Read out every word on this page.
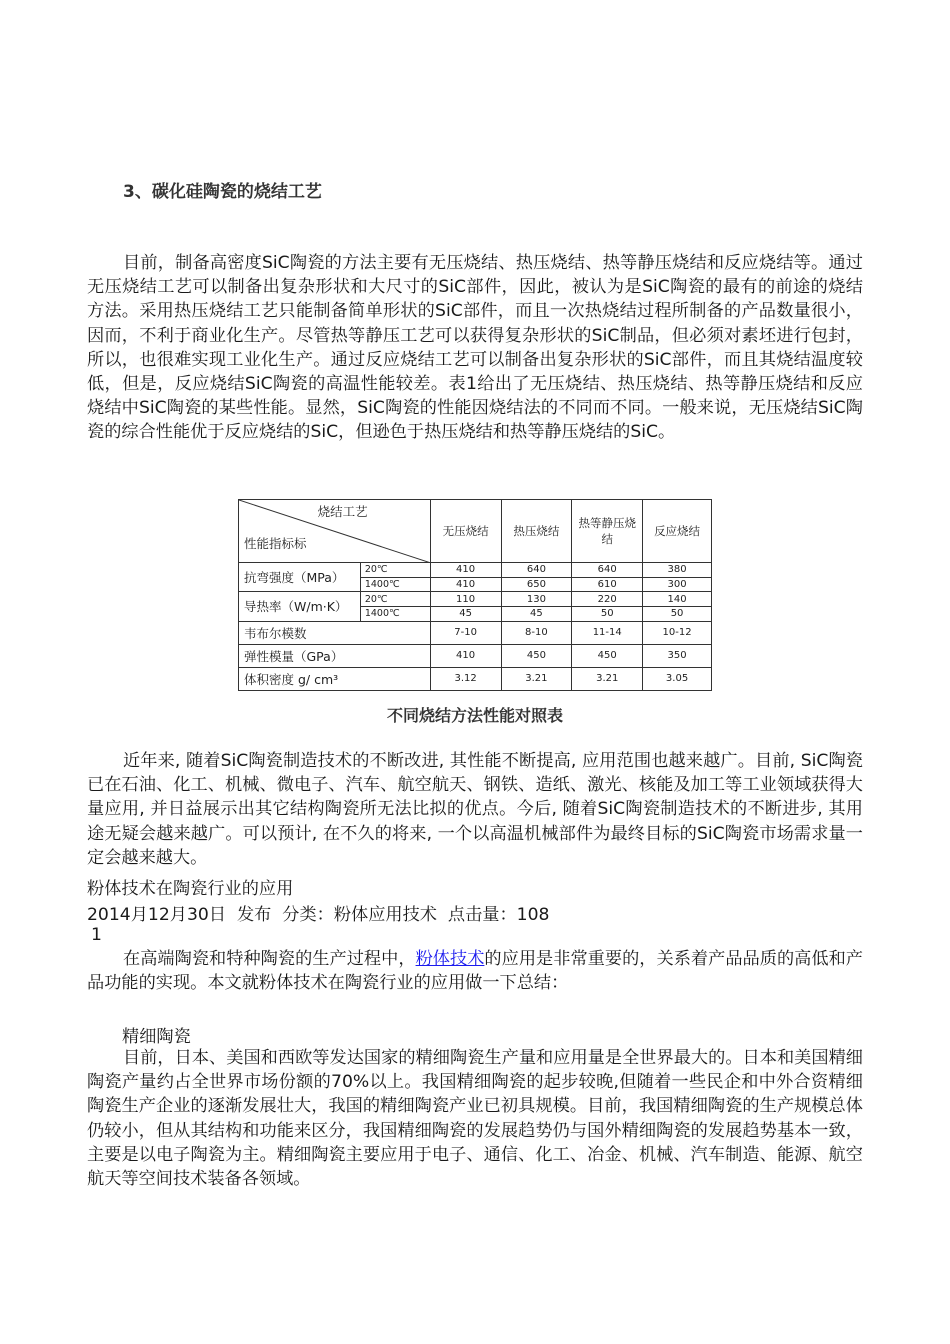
3、碳化硅陶瓷的烧结工艺
目前，制备高密度SiC陶瓷的方法主要有无压烧结、热压烧结、热等静压烧结和反应烧结等。通过无压烧结工艺可以制备出复杂形状和大尺寸的SiC部件，因此，被认为是SiC陶瓷的最有的前途的烧结方法。采用热压烧结工艺只能制备简单形状的SiC部件，而且一次热烧结过程所制备的产品数量很小，因而，不利于商业化生产。尽管热等静压工艺可以获得复杂形状的SiC制品，但必须对素坯进行包封，所以，也很难实现工业化生产。通过反应烧结工艺可以制备出复杂形状的SiC部件，而且其烧结温度较低，但是，反应烧结SiC陶瓷的高温性能较差。表1给出了无压烧结、热压烧结、热等静压烧结和反应烧结中SiC陶瓷的某些性能。显然，SiC陶瓷的性能因烧结法的不同而不同。一般来说，无压烧结SiC陶瓷的综合性能优于反应烧结的SiC，但逊色于热压烧结和热等静压烧结的SiC。
烧结工艺
性能指标标		无压烧结	热压烧结	热等静压烧结	反应烧结
抗弯强度（MPa）	20℃	410	640	640	380
	1400℃	410	650	610	300
导热率（W/m·K）	20℃	110	130	220	140
	1400℃	45	45	50	50
韦布尔模数		7-10	8-10	11-14	10-12
弹性模量（GPa）		410	450	450	350
体积密度 g/ cm³		3.12	3.21	3.21	3.05
不同烧结方法性能对照表
近年来, 随着SiC陶瓷制造技术的不断改进, 其性能不断提高, 应用范围也越来越广。目前, SiC陶瓷已在石油、化工、机械、微电子、汽车、航空航天、钢铁、造纸、激光、核能及加工等工业领域获得大量应用, 并日益展示出其它结构陶瓷所无法比拟的优点。今后, 随着SiC陶瓷制造技术的不断进步, 其用途无疑会越来越广。可以预计, 在不久的将来, 一个以高温机械部件为最终目标的SiC陶瓷市场需求量一定会越来越大。
粉体技术在陶瓷行业的应用
2014月12月30日  发布  分类：粉体应用技术  点击量：108
1
在高端陶瓷和特种陶瓷的生产过程中，粉体技术的应用是非常重要的，关系着产品品质的高低和产品功能的实现。本文就粉体技术在陶瓷行业的应用做一下总结：
精细陶瓷
目前，日本、美国和西欧等发达国家的精细陶瓷生产量和应用量是全世界最大的。日本和美国精细陶瓷产量约占全世界市场份额的70%以上。我国精细陶瓷的起步较晚,但随着一些民企和中外合资精细陶瓷生产企业的逐渐发展壮大，我国的精细陶瓷产业已初具规模。目前，我国精细陶瓷的生产规模总体仍较小，但从其结构和功能来区分，我国精细陶瓷的发展趋势仍与国外精细陶瓷的发展趋势基本一致，主要是以电子陶瓷为主。精细陶瓷主要应用于电子、通信、化工、冶金、机械、汽车制造、能源、航空航天等空间技术装备各领域。
